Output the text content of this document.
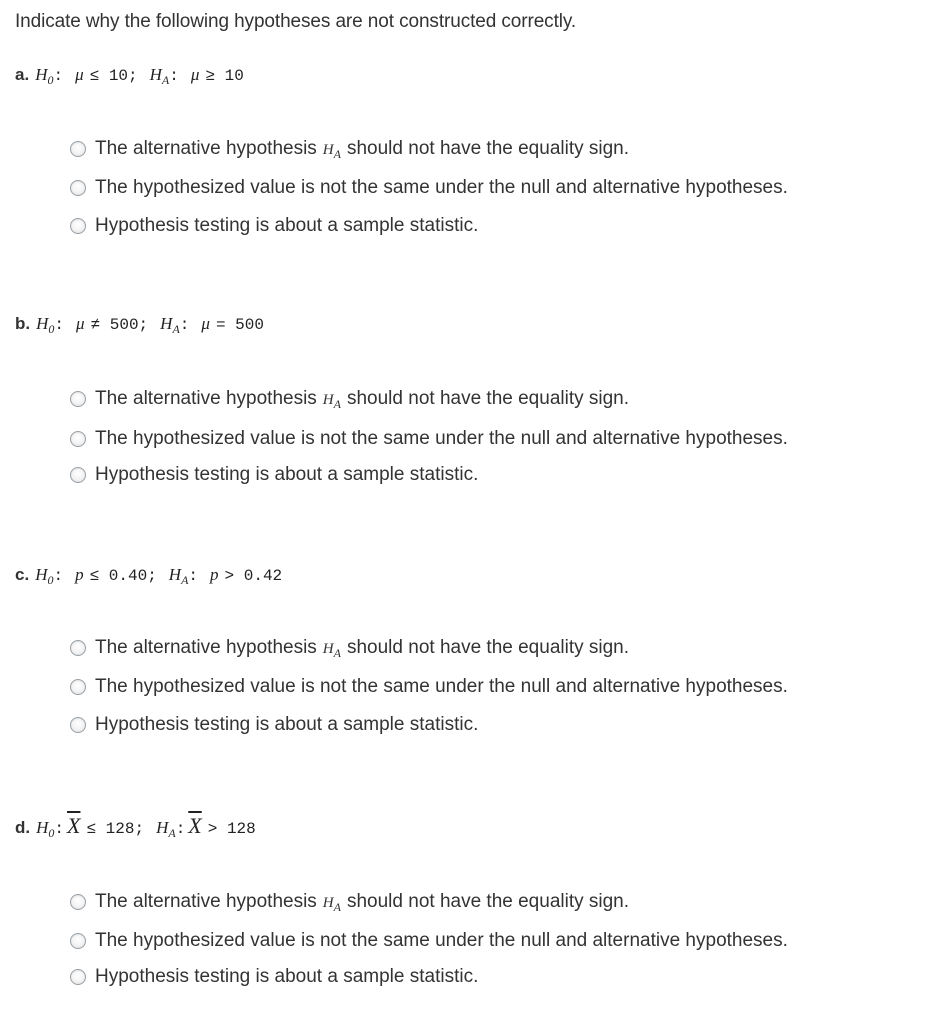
Indicate why the following hypotheses are not constructed correctly.
a. H 0 : μ ≤ 10; H A : μ ≥ 10
The alternative hypothesis $H_A$ should not have the equality sign.
The hypothesized value is not the same under the null and alternative hypotheses.
Hypothesis testing is about a sample statistic.
b. H 0 : μ ≠ 500; H A : μ = 500
The alternative hypothesis $H_A$ should not have the equality sign.
The hypothesized value is not the same under the null and alternative hypotheses.
Hypothesis testing is about a sample statistic.
c. H 0 : p ≤ 0.40; H A : p > 0.42
The alternative hypothesis $H_A$ should not have the equality sign.
The hypothesized value is not the same under the null and alternative hypotheses.
Hypothesis testing is about a sample statistic.
d. H 0 : $\overline{X} \le 128$; H A : $\overline{X} > 128$
The alternative hypothesis $H_A$ should not have the equality sign.
The hypothesized value is not the same under the null and alternative hypotheses.
Hypothesis testing is about a sample statistic.
